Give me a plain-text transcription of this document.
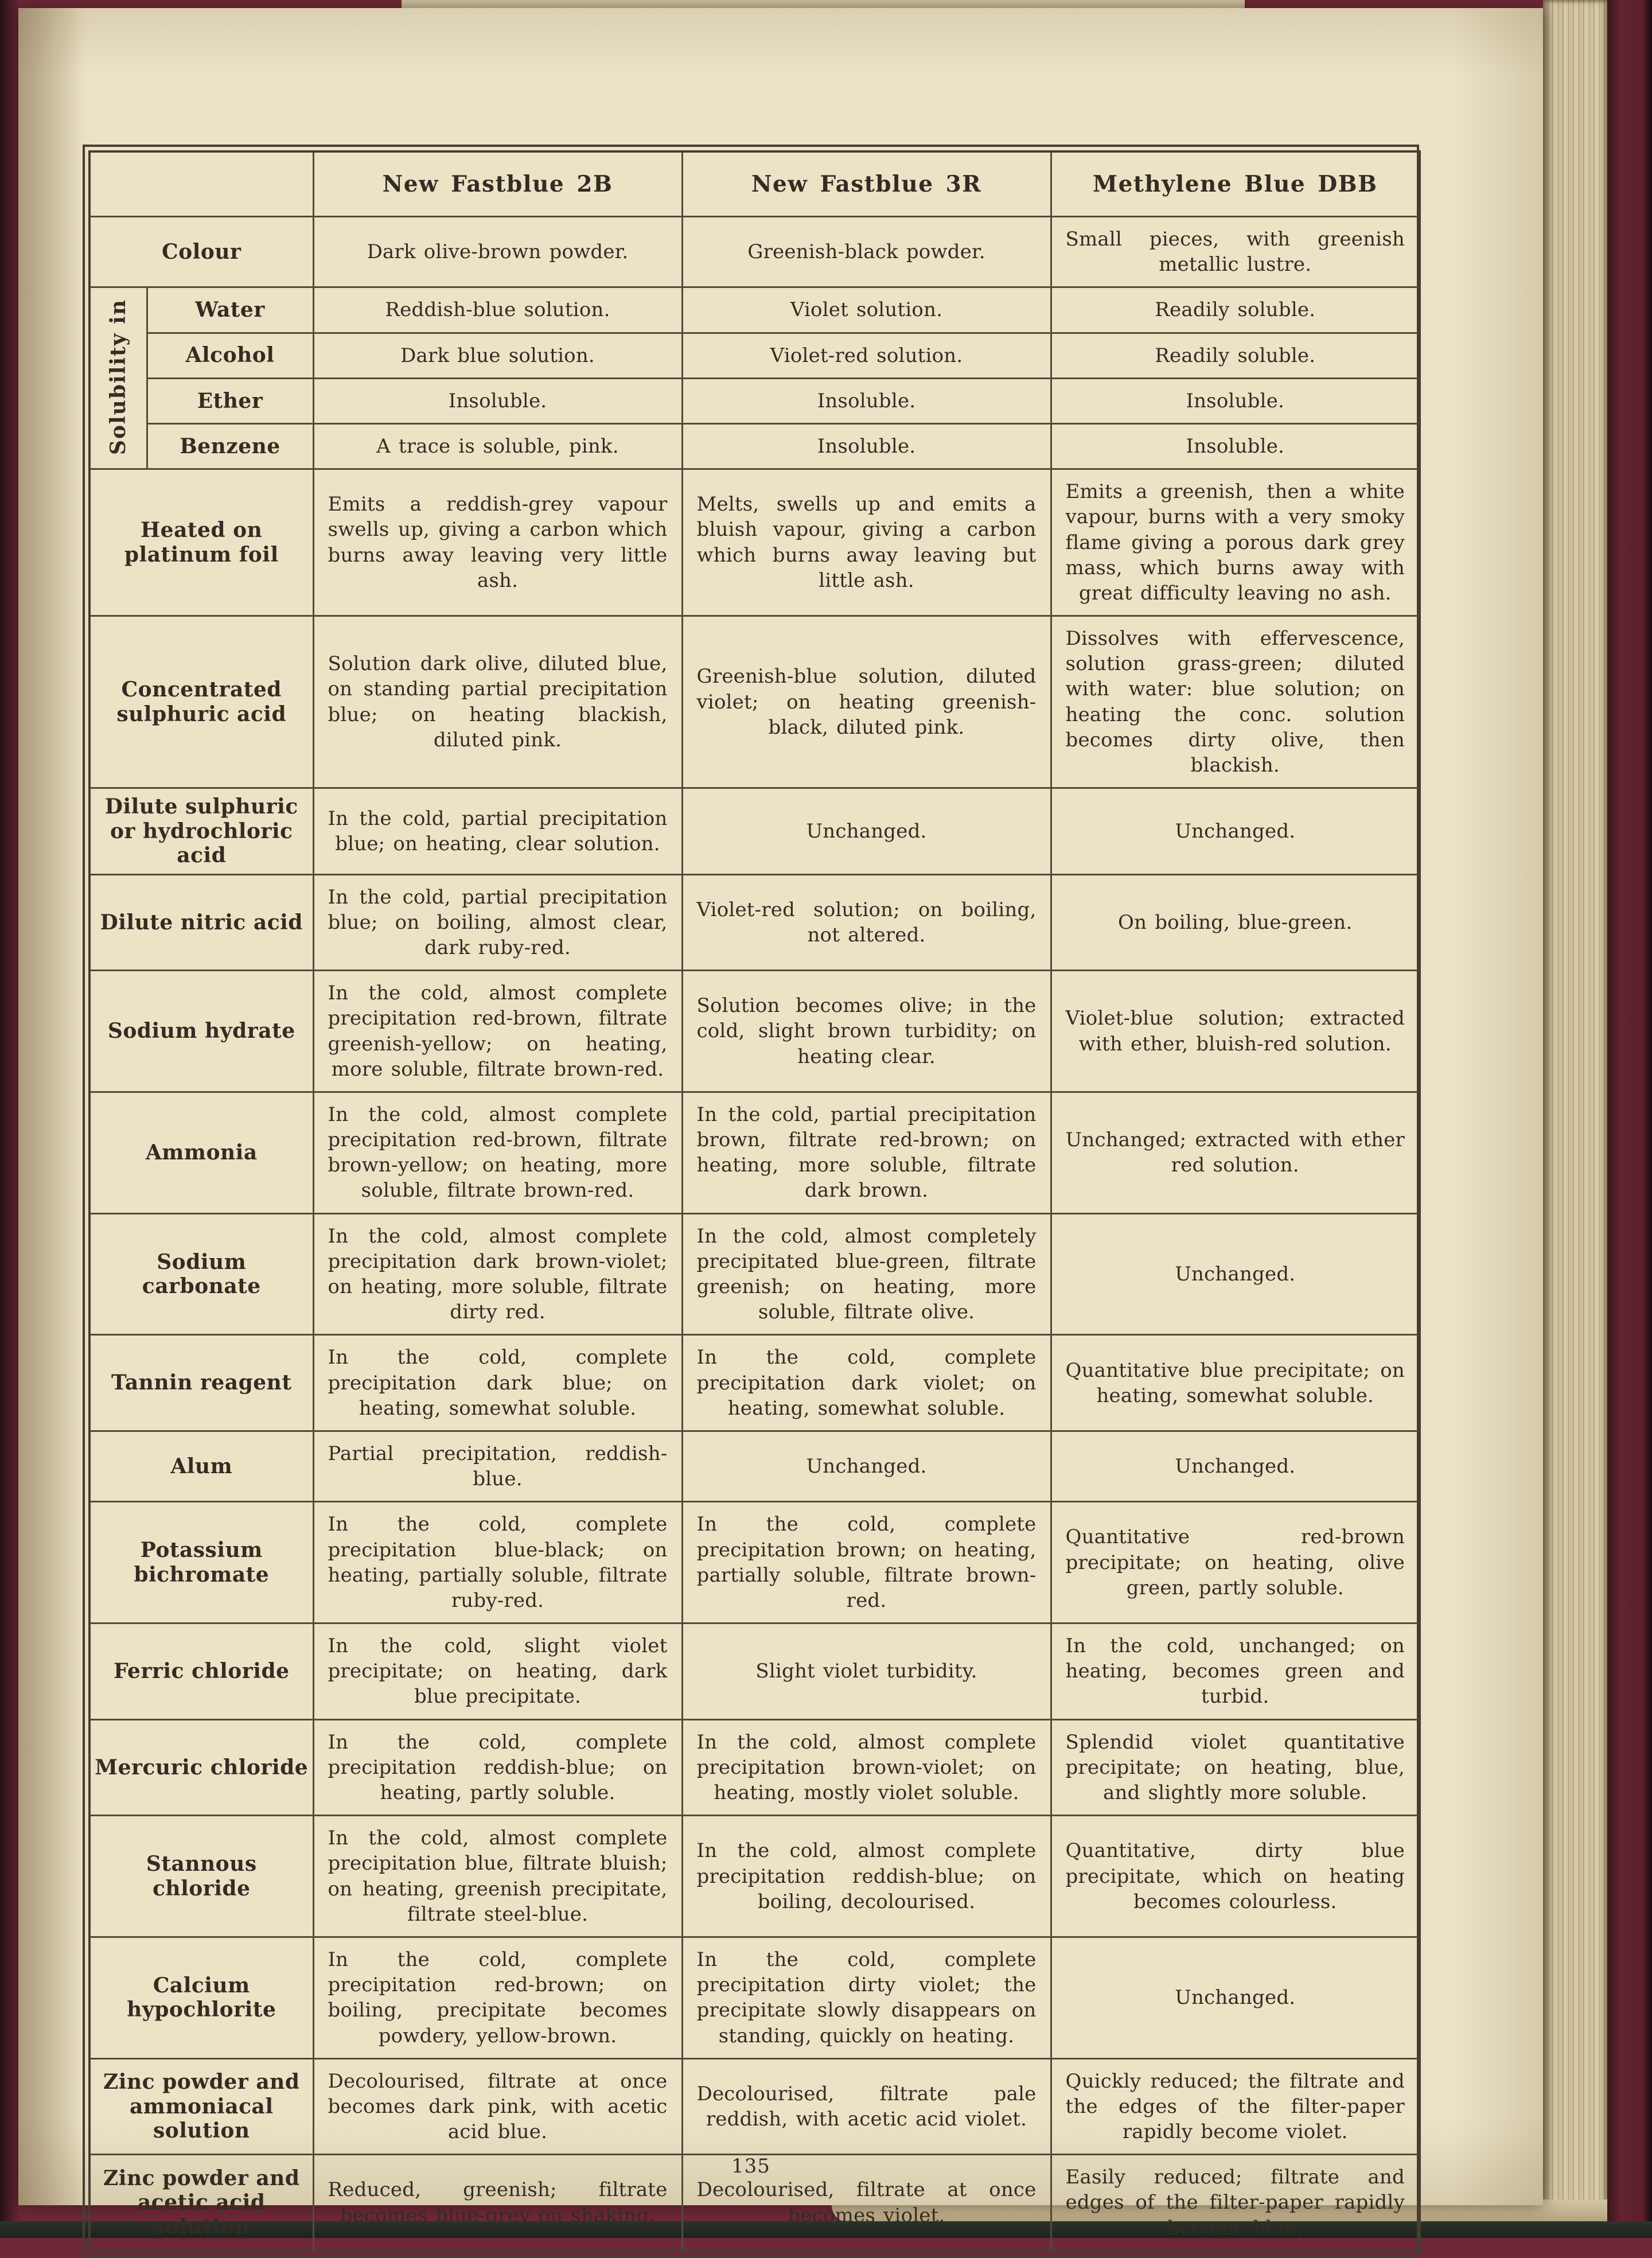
		New Fastblue 2B	New Fastblue 3R	Methylene Blue DBB
Colour		Dark olive-brown powder.	Greenish-black powder.	Small pieces, with greenish metallic lustre.
Solubility in	Water	Reddish-blue solution.	Violet solution.	Readily soluble.
	Alcohol	Dark blue solution.	Violet-red solution.	Readily soluble.
	Ether	Insoluble.	Insoluble.	Insoluble.
	Benzene	A trace is soluble, pink.	Insoluble.	Insoluble.
Heated on platinum foil		Emits a reddish-grey vapour swells up, giving a carbon which burns away leaving very little ash.	Melts, swells up and emits a bluish vapour, giving a carbon which burns away leaving but little ash.	Emits a greenish, then a white vapour, burns with a very smoky flame giving a porous dark grey mass, which burns away with great difficulty leaving no ash.
Concentrated sulphuric acid		Solution dark olive, diluted blue, on standing partial precipitation blue; on heating blackish, diluted pink.	Greenish-blue solution, diluted violet; on heating greenish-black, diluted pink.	Dissolves with effervescence, solution grass-green; diluted with water: blue solution; on heating the conc. solution becomes dirty olive, then blackish.
Dilute sulphuric or hydrochloric acid		In the cold, partial precipitation blue; on heating, clear solution.	Unchanged.	Unchanged.
Dilute nitric acid		In the cold, partial precipitation blue; on boiling, almost clear, dark ruby-red.	Violet-red solution; on boiling, not altered.	On boiling, blue-green.
Sodium hydrate		In the cold, almost complete precipitation red-brown, filtrate greenish-yellow; on heating, more soluble, filtrate brown-red.	Solution becomes olive; in the cold, slight brown turbidity; on heating clear.	Violet-blue solution; extracted with ether, bluish-red solution.
Ammonia		In the cold, almost complete precipitation red-brown, filtrate brown-yellow; on heating, more soluble, filtrate brown-red.	In the cold, partial precipitation brown, filtrate red-brown; on heating, more soluble, filtrate dark brown.	Unchanged; extracted with ether red solution.
Sodium carbonate		In the cold, almost complete precipitation dark brown-violet; on heating, more soluble, filtrate dirty red.	In the cold, almost completely precipitated blue-green, filtrate greenish; on heating, more soluble, filtrate olive.	Unchanged.
Tannin reagent		In the cold, complete precipitation dark blue; on heating, somewhat soluble.	In the cold, complete precipitation dark violet; on heating, somewhat soluble.	Quantitative blue precipitate; on heating, somewhat soluble.
Alum		Partial precipitation, reddish-blue.	Unchanged.	Unchanged.
Potassium bichromate		In the cold, complete precipitation blue-black; on heating, partially soluble, filtrate ruby-red.	In the cold, complete precipitation brown; on heating, partially soluble, filtrate brown-red.	Quantitative red-brown precipitate; on heating, olive green, partly soluble.
Ferric chloride		In the cold, slight violet precipitate; on heating, dark blue precipitate.	Slight violet turbidity.	In the cold, unchanged; on heating, becomes green and turbid.
Mercuric chloride		In the cold, complete precipitation reddish-blue; on heating, partly soluble.	In the cold, almost complete precipitation brown-violet; on heating, mostly violet soluble.	Splendid violet quantitative precipitate; on heating, blue, and slightly more soluble.
Stannous chloride		In the cold, almost complete precipitation blue, filtrate bluish; on heating, greenish precipitate, filtrate steel-blue.	In the cold, almost complete precipitation reddish-blue; on boiling, decolourised.	Quantitative, dirty blue precipitate, which on heating becomes colourless.
Calcium hypochlorite		In the cold, complete precipitation red-brown; on boiling, precipitate becomes powdery, yellow-brown.	In the cold, complete precipitation dirty violet; the precipitate slowly disappears on standing, quickly on heating.	Unchanged.
Zinc powder and ammoniacal solution		Decolourised, filtrate at once becomes dark pink, with acetic acid blue.	Decolourised, filtrate pale reddish, with acetic acid violet.	Quickly reduced; the filtrate and the edges of the filter-paper rapidly become violet.
Zinc powder and acetic acid solution		Reduced, greenish; filtrate becomes blue-grey on shaking.	Decolourised, filtrate at once becomes violet.	Easily reduced; filtrate and edges of the filter-paper rapidly become blue.
135
